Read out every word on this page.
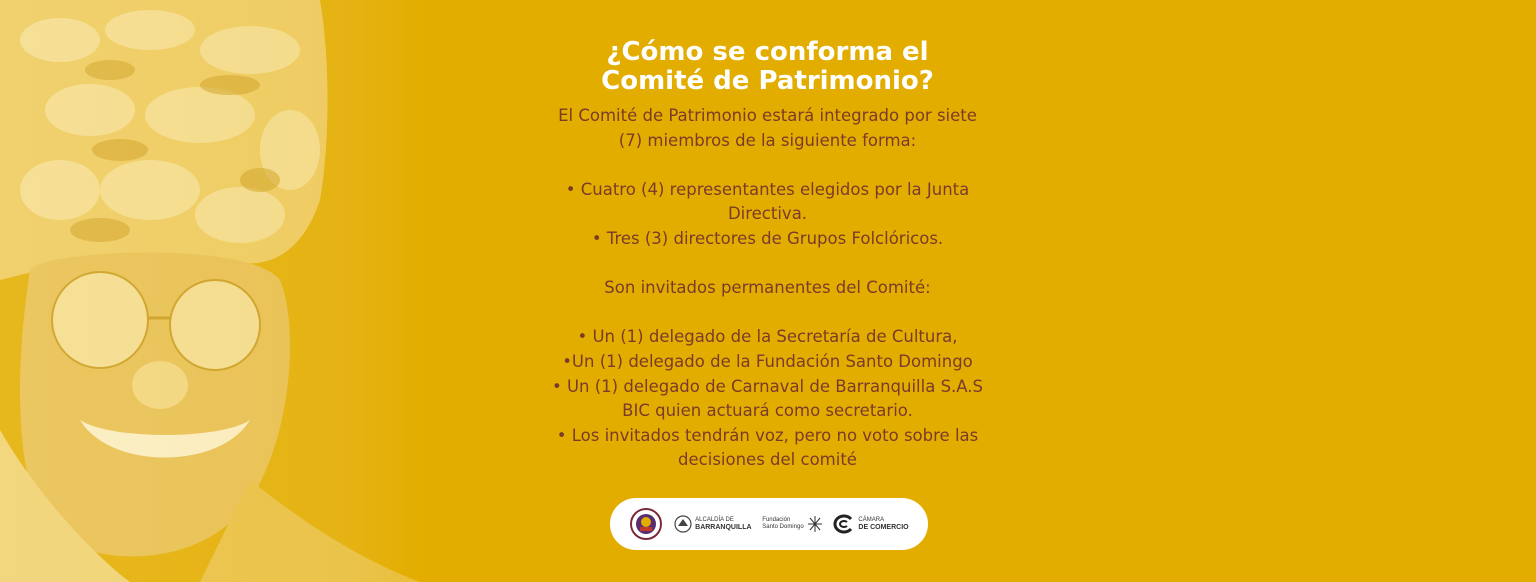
¿Cómo se conforma el
Comité de Patrimonio?

El Comité de Patrimonio estará integrado por siete
(7) miembros de la siguiente forma:

• Cuatro (4) representantes elegidos por la Junta
Directiva.
• Tres (3) directores de Grupos Folclóricos.

Son invitados permanentes del Comité:

• Un (1) delegado de la Secretaría de Cultura,
•Un (1) delegado de la Fundación Santo Domingo
• Un (1) delegado de Carnaval de Barranquilla S.A.S
BIC quien actuará como secretario.
• Los invitados tendrán voz, pero no voto sobre las
decisiones del comité

ALCALDÍA DE
BARRANQUILLA
Fundación
Santo Domingo
CÁMARA
DE COMERCIO
